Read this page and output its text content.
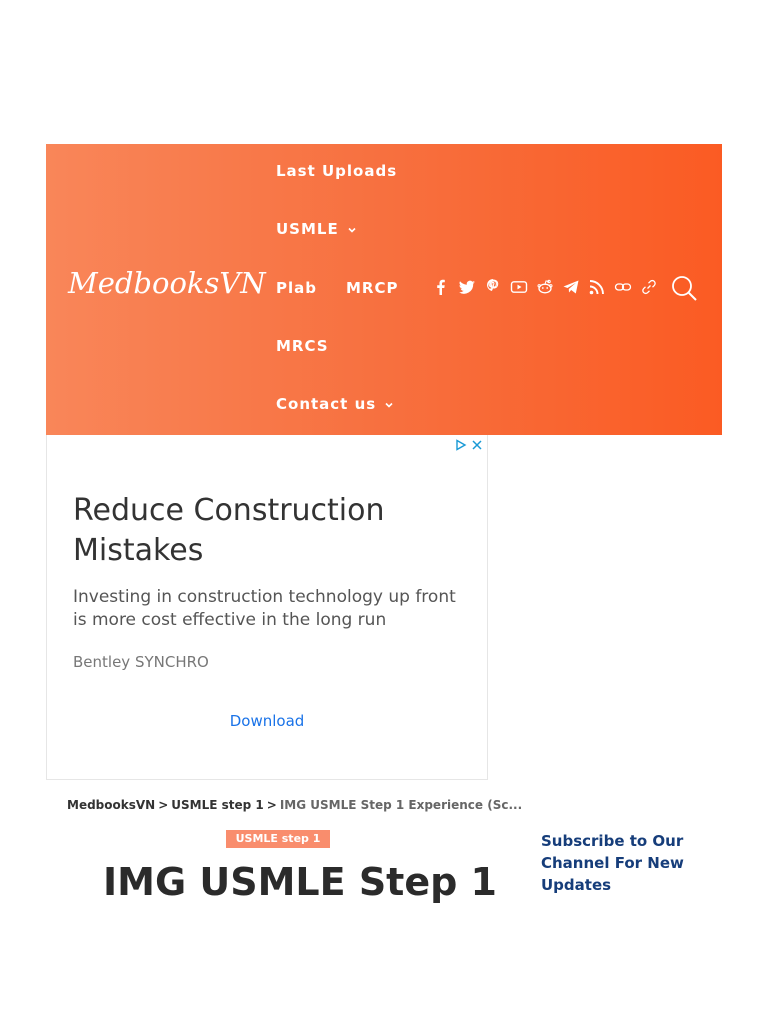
MedbooksVN
Last Uploads
USMLE
Plab MRCP
MRCS
Contact us
Reduce Construction Mistakes
Investing in construction technology up front is more cost effective in the long run
Bentley SYNCHRO
Download
MedbooksVN > USMLE step 1 > IMG USMLE Step 1 Experience (Sc...
USMLE step 1
IMG USMLE Step 1
Subscribe to Our Channel For New Updates
